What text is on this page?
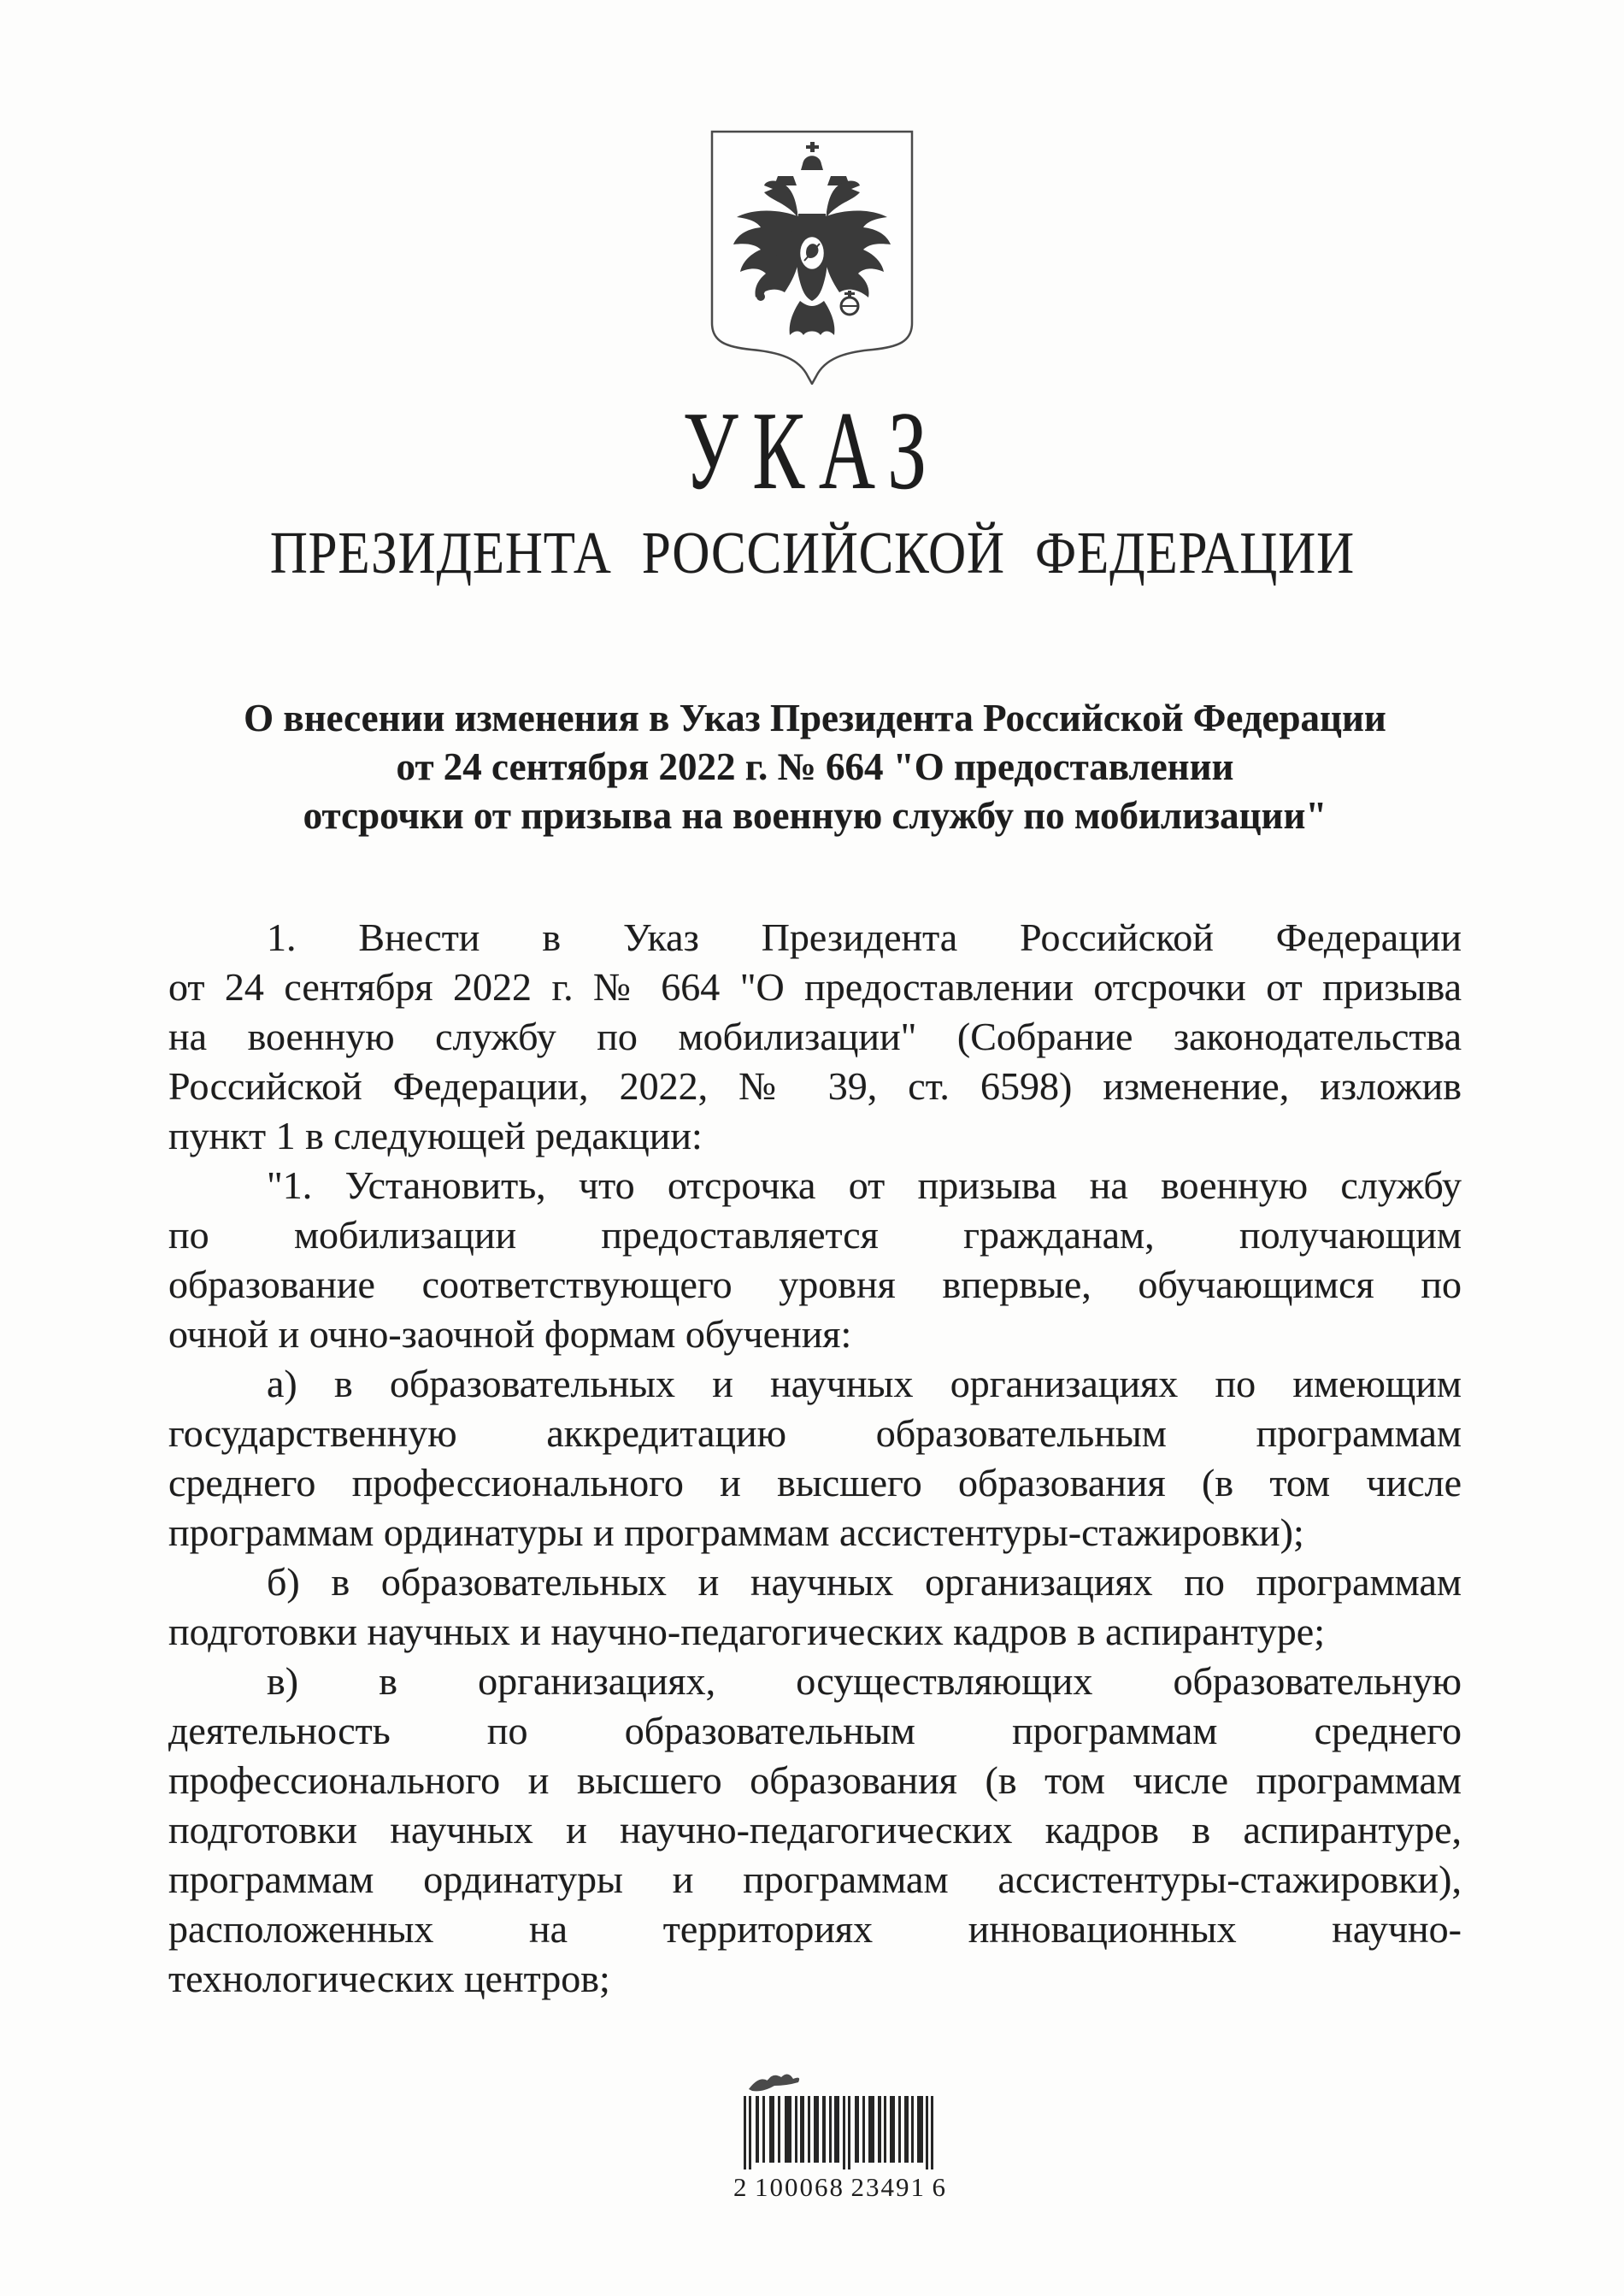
УКАЗ
ПРЕЗИДЕНТА РОССИЙСКОЙ ФЕДЕРАЦИИ
О внесении изменения в Указ Президента Российской Федерации
от 24 сентября 2022 г. № 664 "О предоставлении
отсрочки от призыва на военную службу по мобилизации"
1. Внести в Указ Президента Российской Федерации
от 24 сентября 2022 г. № 664 "О предоставлении отсрочки от призыва
на военную службу по мобилизации" (Собрание законодательства
Российской Федерации, 2022, № 39, ст. 6598) изменение, изложив
пункт 1 в следующей редакции:
"1. Установить, что отсрочка от призыва на военную службу
по мобилизации предоставляется гражданам, получающим
образование соответствующего уровня впервые, обучающимся по
очной и очно-заочной формам обучения:
а) в образовательных и научных организациях по имеющим
государственную аккредитацию образовательным программам
среднего профессионального и высшего образования (в том числе
программам ординатуры и программам ассистентуры-стажировки);
б) в образовательных и научных организациях по программам
подготовки научных и научно-педагогических кадров в аспирантуре;
в) в организациях, осуществляющих образовательную
деятельность по образовательным программам среднего
профессионального и высшего образования (в том числе программам
подготовки научных и научно-педагогических кадров в аспирантуре,
программам ординатуры и программам ассистентуры-стажировки),
расположенных на территориях инновационных научно-
технологических центров;
2 100068 23491 6
